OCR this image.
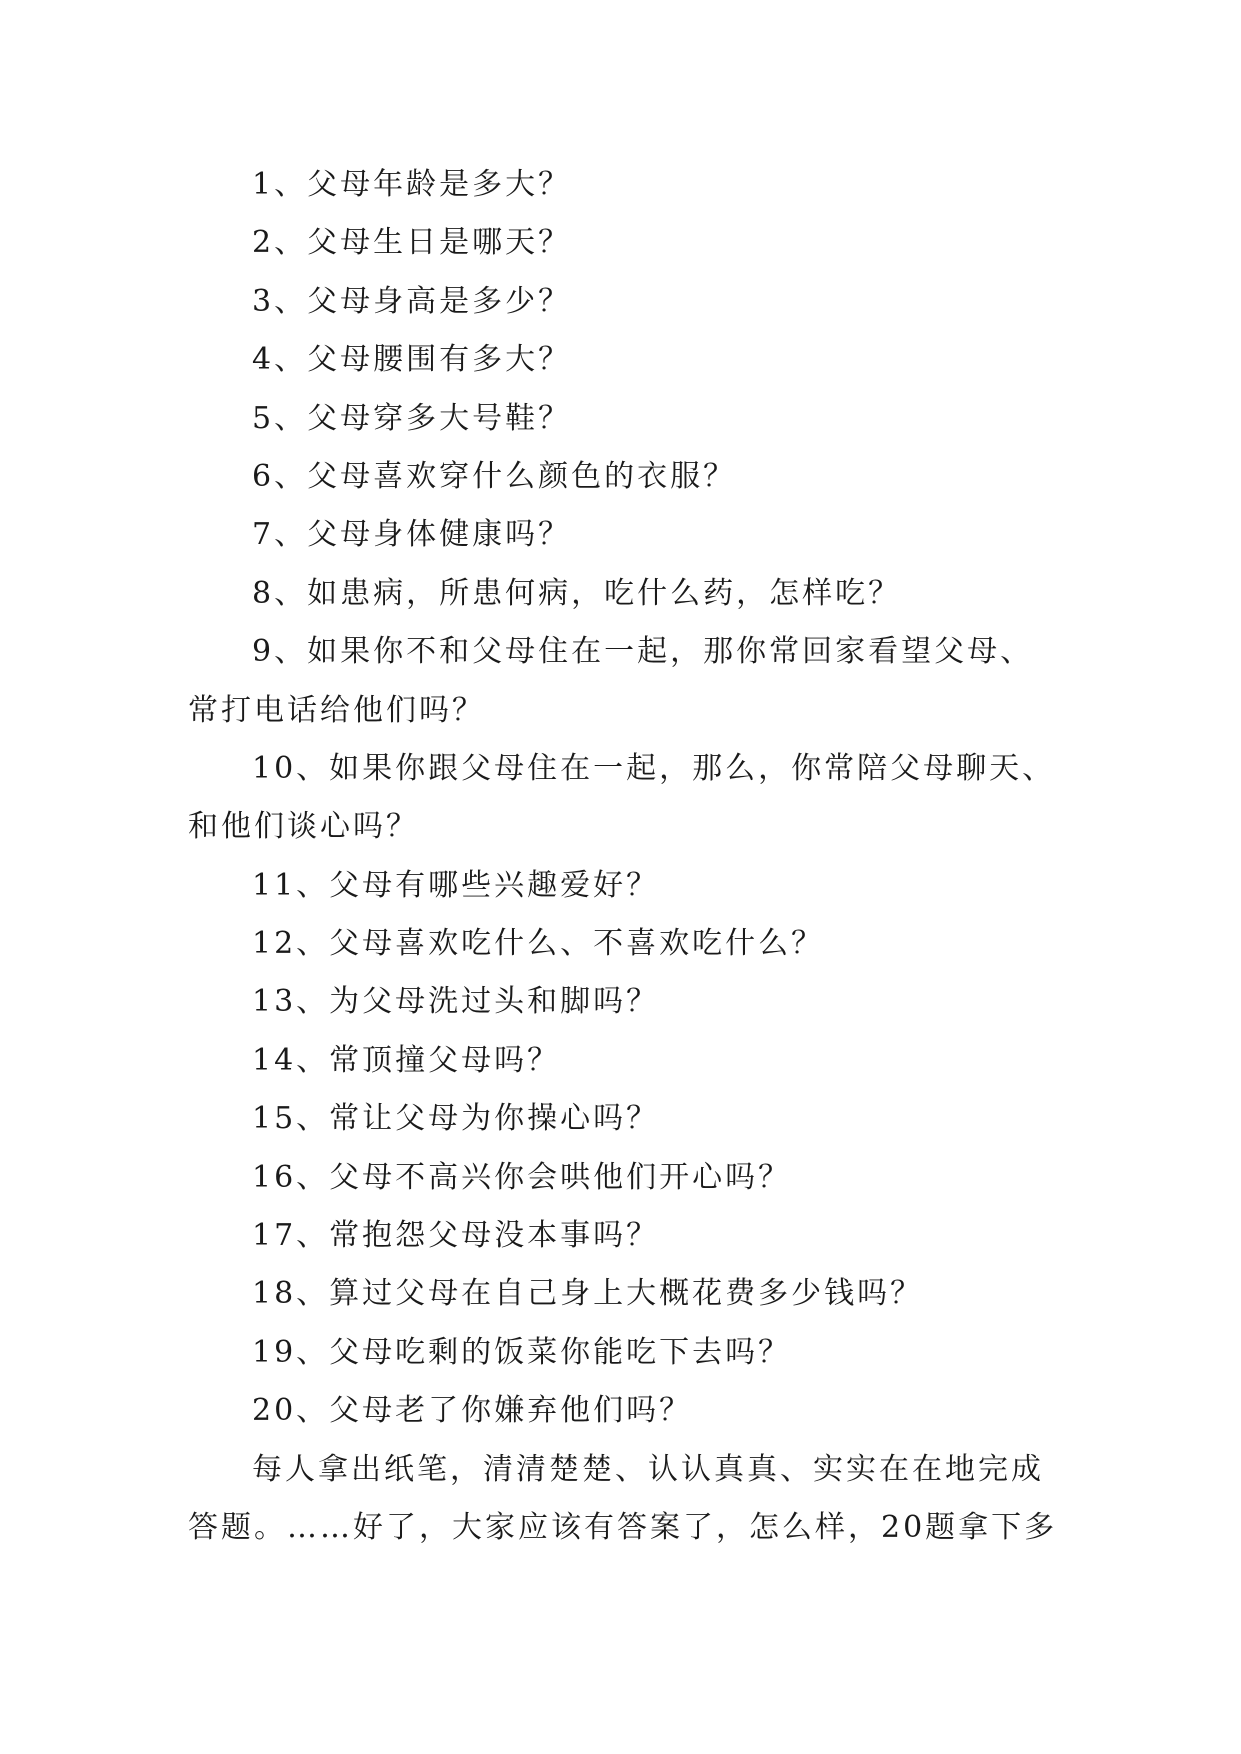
1、父母年龄是多大？
2、父母生日是哪天？
3、父母身高是多少？
4、父母腰围有多大？
5、父母穿多大号鞋？
6、父母喜欢穿什么颜色的衣服？
7、父母身体健康吗？
8、如患病，所患何病，吃什么药，怎样吃？
9、如果你不和父母住在一起，那你常回家看望父母、
常打电话给他们吗？
10、如果你跟父母住在一起，那么，你常陪父母聊天、
和他们谈心吗？
11、父母有哪些兴趣爱好？
12、父母喜欢吃什么、不喜欢吃什么？
13、为父母洗过头和脚吗？
14、常顶撞父母吗？
15、常让父母为你操心吗？
16、父母不高兴你会哄他们开心吗？
17、常抱怨父母没本事吗？
18、算过父母在自己身上大概花费多少钱吗？
19、父母吃剩的饭菜你能吃下去吗？
20、父母老了你嫌弃他们吗？
每人拿出纸笔，清清楚楚、认认真真、实实在在地完成
答题。……好了，大家应该有答案了，怎么样，20题拿下多
